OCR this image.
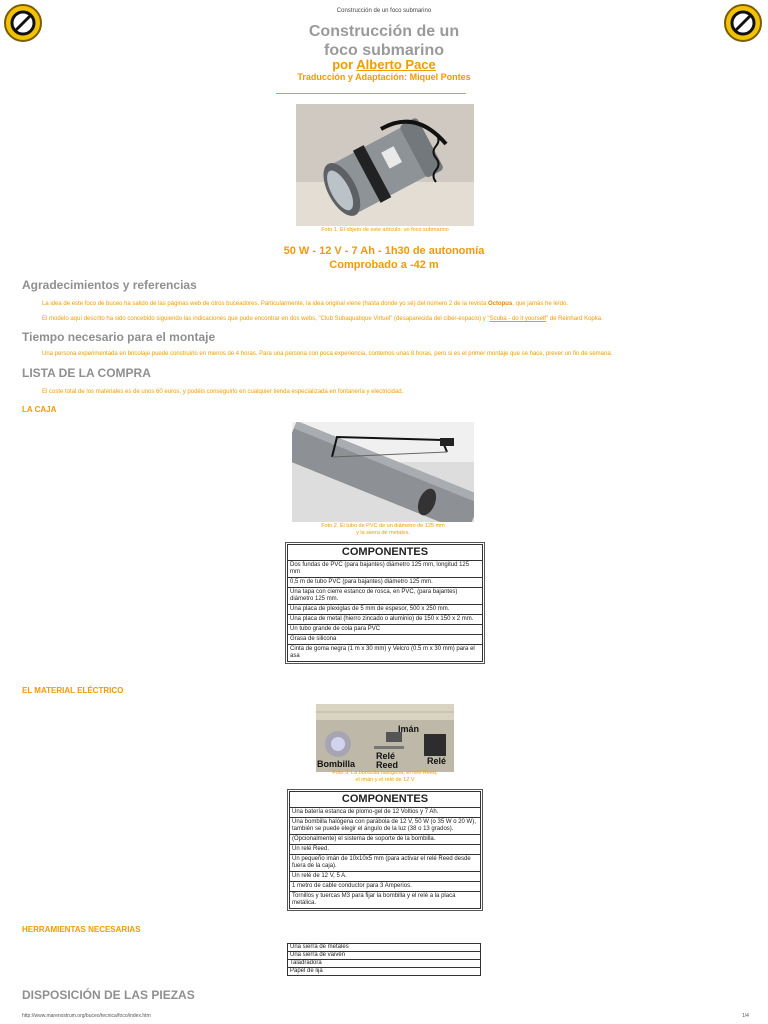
Construcción de un foco submarino
Construcción de un
foco submarino
por Alberto Pace
Traducción y Adaptación: Miquel Pontes
Foto 1. El objeto de este artículo: un foco submarino
50 W - 12 V - 7 Ah - 1h30 de autonomía
Comprobado a -42 m
Agradecimientos y referencias
La idea de este foco de buceo ha salido de las páginas web de otros buceadores. Particularmente, la idea original viene (hasta donde yo sé) del número 2 de la revista Octopus, que jamás he leído.
El modelo aquí descrito ha sido concebido siguiendo las indicaciones que pude encontrar en dos webs, "Club Subaquatique Virtuel" (desaparecida del ciber-espacio) y "Scuba - do it yourself" de Reinhard Kopka.
Tiempo necesario para el montaje
Una persona experimentada en bricolaje puede construirlo en menos de 4 horas. Para una persona con poca experiencia, contemos unas 8 horas, pero si es el primer montaje que se hace, prever un fin de semana.
LISTA DE LA COMPRA
El coste total de los materiales es de unos 60 euros, y podéis conseguirlo en cualquier tienda especializada en fontanería y electricidad.
LA CAJA
Foto 2. El tubo de PVC de un diámetro de 125 mm
y la sierra de metales.
COMPONENTES
Dos fundas de PVC (para bajantes) diámetro 125 mm, longitud 125 mm
0,5 m de tubo PVC (para bajantes) diámetro 125 mm.
Una tapa con cierre estanco de rosca, en PVC, (para bajantes) diámetro 125 mm.
Una placa de plexiglas de 5 mm de espesor, 500 x 250 mm.
Una placa de metal (hierro zincado o aluminio) de 150 x 150 x 2 mm.
Un tubo grande de cola para PVC
Grasa de silicona
Cinta de goma negra (1 m x 30 mm) y Velcro (0.5 m x 30 mm) para el asa
EL MATERIAL ELÉCTRICO
Imán
Bombilla
Relé
Reed	Relé
Foto 3. La bombilla halógena, el relé Reed,
el imán y el relé de 12 V
COMPONENTES
Una batería estanca de plomo-gel de 12 Voltios y 7 Ah.
Una bombilla halógena con parábola de 12 V, 50 W (o 35 W o 20 W), también se puede elegir el ángulo de la luz (38 o 13 grados).
(Opcionalmente) el sistema de soporte de la bombilla.
Un relé Reed.
Un pequeño imán de 10x10x5 mm (para activar el relé Reed desde fuera de la caja).
Un relé de 12 V, 5 A.
1 metro de cable conductor para 3 Amperios.
Tornillos y tuercas M3 para fijar la bombilla y el relé a la placa metálica.
HERRAMIENTAS NECESARIAS
Una sierra de metales
Una sierra de vaivén
Taladradora
Papel de lija
DISPOSICIÓN DE LAS PIEZAS
http://www.marenostrum.org/buceo/tecnica/foco/index.htm	1/4
